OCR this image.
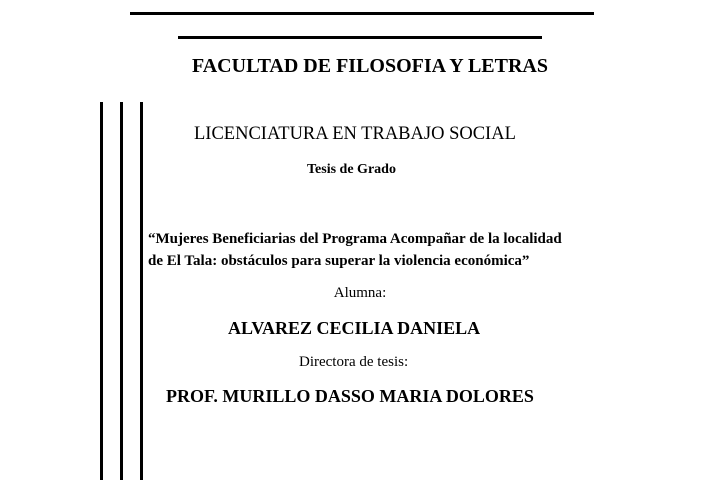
FACULTAD DE FILOSOFIA Y LETRAS
LICENCIATURA EN TRABAJO SOCIAL
Tesis de Grado
“Mujeres Beneficiarias del Programa Acompañar de la localidad
de El Tala: obstáculos para superar la violencia económica”
Alumna:
ALVAREZ CECILIA DANIELA
Directora de tesis:
PROF. MURILLO DASSO MARIA DOLORES
